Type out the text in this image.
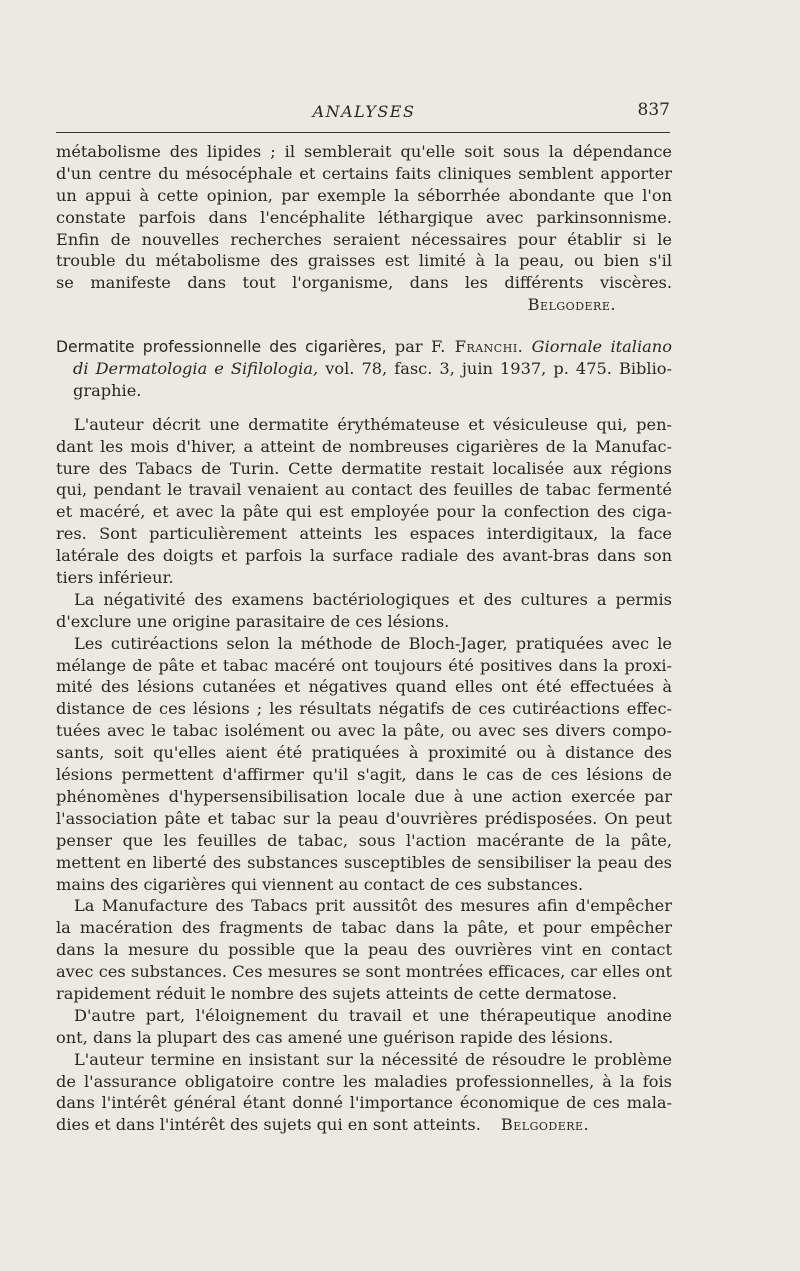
ANALYSES	837
métabolisme des lipides ; il semblerait qu'elle soit sous la dépendance
d'un centre du mésocéphale et certains faits cliniques semblent apporter
un appui à cette opinion, par exemple la séborrhée abondante que l'on
constate parfois dans l'encéphalite léthargique avec parkinsonnisme.
Enfin de nouvelles recherches seraient nécessaires pour établir si le
trouble du métabolisme des graisses est limité à la peau, ou bien s'il
se manifeste dans tout l'organisme, dans les différents viscères.
Belgodere.
Dermatite professionnelle des cigarières, par F. Franchi. Giornale italiano
di Dermatologia e Sifilologia, vol. 78, fasc. 3, juin 1937, p. 475. Biblio-
graphie.
L'auteur décrit une dermatite érythémateuse et vésiculeuse qui, pen-
dant les mois d'hiver, a atteint de nombreuses cigarières de la Manufac-
ture des Tabacs de Turin. Cette dermatite restait localisée aux régions
qui, pendant le travail venaient au contact des feuilles de tabac fermenté
et macéré, et avec la pâte qui est employée pour la confection des ciga-
res. Sont particulièrement atteints les espaces interdigitaux, la face
latérale des doigts et parfois la surface radiale des avant-bras dans son
tiers inférieur.
La négativité des examens bactériologiques et des cultures a permis
d'exclure une origine parasitaire de ces lésions.
Les cutiréactions selon la méthode de Bloch-Jager, pratiquées avec le
mélange de pâte et tabac macéré ont toujours été positives dans la proxi-
mité des lésions cutanées et négatives quand elles ont été effectuées à
distance de ces lésions ; les résultats négatifs de ces cutiréactions effec-
tuées avec le tabac isolément ou avec la pâte, ou avec ses divers compo-
sants, soit qu'elles aient été pratiquées à proximité ou à distance des
lésions permettent d'affirmer qu'il s'agit, dans le cas de ces lésions de
phénomènes d'hypersensibilisation locale due à une action exercée par
l'association pâte et tabac sur la peau d'ouvrières prédisposées. On peut
penser que les feuilles de tabac, sous l'action macérante de la pâte,
mettent en liberté des substances susceptibles de sensibiliser la peau des
mains des cigarières qui viennent au contact de ces substances.
La Manufacture des Tabacs prit aussitôt des mesures afin d'empêcher
la macération des fragments de tabac dans la pâte, et pour empêcher
dans la mesure du possible que la peau des ouvrières vint en contact
avec ces substances. Ces mesures se sont montrées efficaces, car elles ont
rapidement réduit le nombre des sujets atteints de cette dermatose.
D'autre part, l'éloignement du travail et une thérapeutique anodine
ont, dans la plupart des cas amené une guérison rapide des lésions.
L'auteur termine en insistant sur la nécessité de résoudre le problème
de l'assurance obligatoire contre les maladies professionnelles, à la fois
dans l'intérêt général étant donné l'importance économique de ces mala-
dies et dans l'intérêt des sujets qui en sont atteints. Belgodere.
